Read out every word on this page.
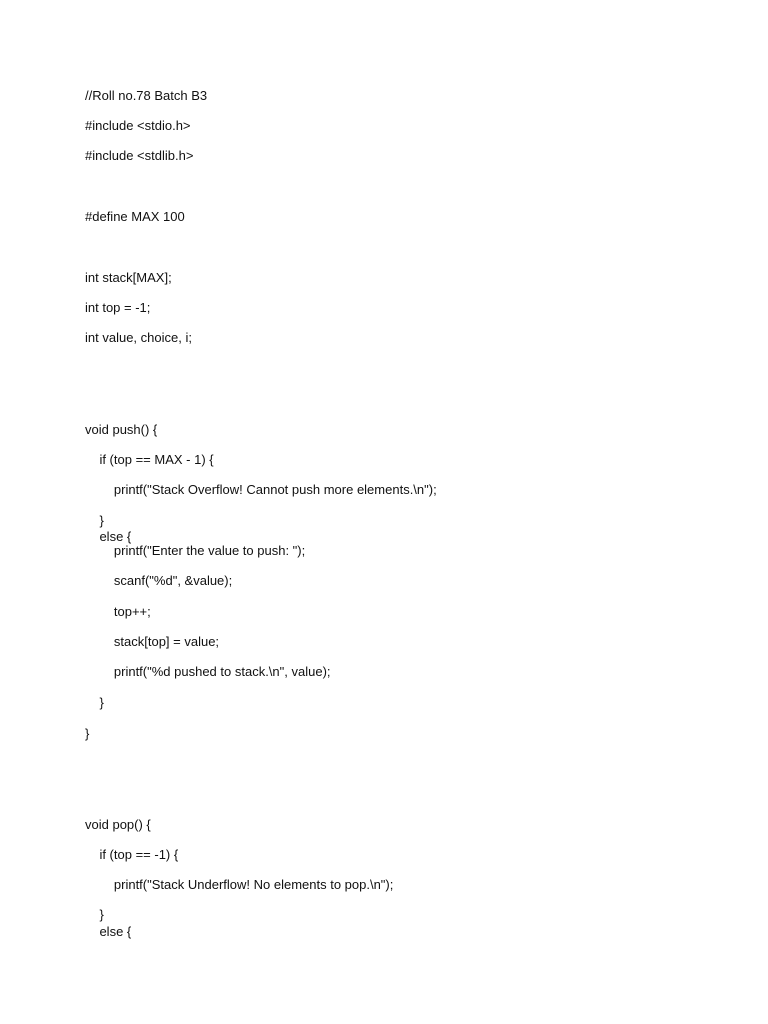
//Roll no.78 Batch B3
#include <stdio.h>
#include <stdlib.h>
#define MAX 100
int stack[MAX];
int top = -1;
int value, choice, i;
void push() {
if (top == MAX - 1) {
printf("Stack Overflow! Cannot push more elements.\n");
}
else {
printf("Enter the value to push: ");
scanf("%d", &value);
top++;
stack[top] = value;
printf("%d pushed to stack.\n", value);
}
}
void pop() {
if (top == -1) {
printf("Stack Underflow! No elements to pop.\n");
}
else {
